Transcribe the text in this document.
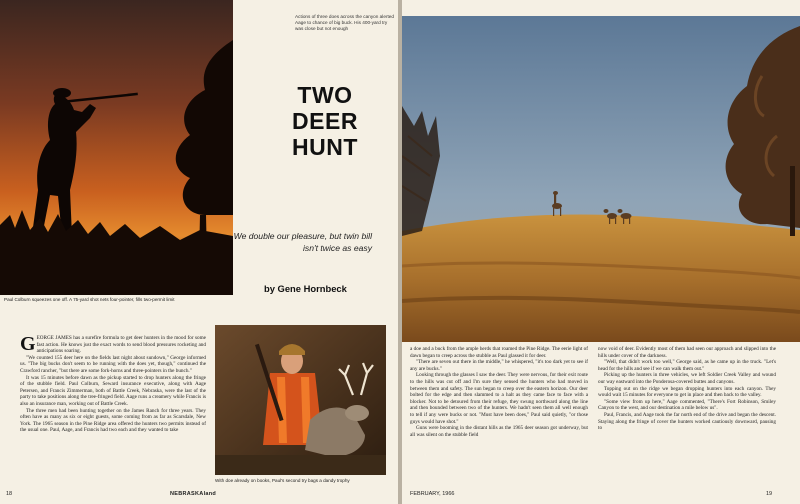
Paul Colburn squeezes one off. A 75-yard shot nets four-pointer, fills two-permit limit
Actions of three does across the canyon alerted Aage to chance of big buck. His 400-yard try was close but not enough
TWO
DEER
HUNT
We double our pleasure, but twin bill isn't twice as easy
by Gene Hornbeck

GEORGE JAMES has a surefire formula to get deer hunters in the mood for some fast action. He knows just the exact words to send blood pressures rocketing and anticipations soaring.

"We counted 155 deer here on the fields last night about sundown," George informed us. "The big bucks don't seem to be running with the does yet, though," continued the Crawford rancher, "but there are some fork-horns and three-pointers in the bunch."

It was 15 minutes before dawn as the pickup started to drop hunters along the fringe of the stubble field. Paul Colburn, Seward insurance executive, along with Aage Petersen, and Francis Zimmerman, both of Battle Creek, Nebraska, were the last of the party to take positions along the tree-fringed field. Aage runs a creamery while Francis is also an insurance man, working out of Battle Creek.

The three men had been hunting together on the James Ranch for three years. They often have as many as six or eight guests, some coming from as far as Scarsdale, New York. The 1965 season in the Pine Ridge area offered the hunters two permits instead of the usual one. Paul, Aage, and Francis had two each and they wanted to take

With doe already on books, Paul's second try bags a dandy trophy
18	NEBRASKAland

a doe and a buck from the ample herds that roamed the Pine Ridge. The eerie light of dawn began to creep across the stubble as Paul glassed it for deer.

"There are seven out there in the middle," he whispered, "it's too dark yet to see if any are bucks."

Looking through the glasses I saw the deer. They were nervous, for their exit route to the hills was cut off and I'm sure they sensed the hunters who had moved in between them and safety. The sun began to creep over the eastern horizon. Our deer bolted for the edge and then slammed to a halt as they came face to face with a blocker. Not to be detoured from their refuge, they swung northward along the line and then bounded between two of the hunters. We hadn't seen them all well enough to tell if any were bucks or not. "Must have been does," Paul said quietly, "or those guys would have shot."

Guns were booming in the distant hills as the 1965 deer season got underway, but all was silent on the stubble field

now void of deer. Evidently most of them had seen our approach and slipped into the hills under cover of the darkness.

"Well, that didn't work too well," George said, as he came up in the truck. "Let's head for the hills and see if we can walk them out."

Picking up the hunters in three vehicles, we left Soldier Creek Valley and wound our way eastward into the Ponderosa-covered buttes and canyons.

Topping out on the ridge we began dropping hunters into each canyon. They would wait 15 minutes for everyone to get in place and then back to the valley.

"Some view from up here," Aage commented, "There's Fort Robinson, Smiley Canyon to the west, and our destination a mile below us".

Paul, Francis, and Aage took the far north end of the drive and began the descent. Staying along the fringe of cover the hunters worked cautiously downward, pausing to

FEBRUARY, 1966	19
